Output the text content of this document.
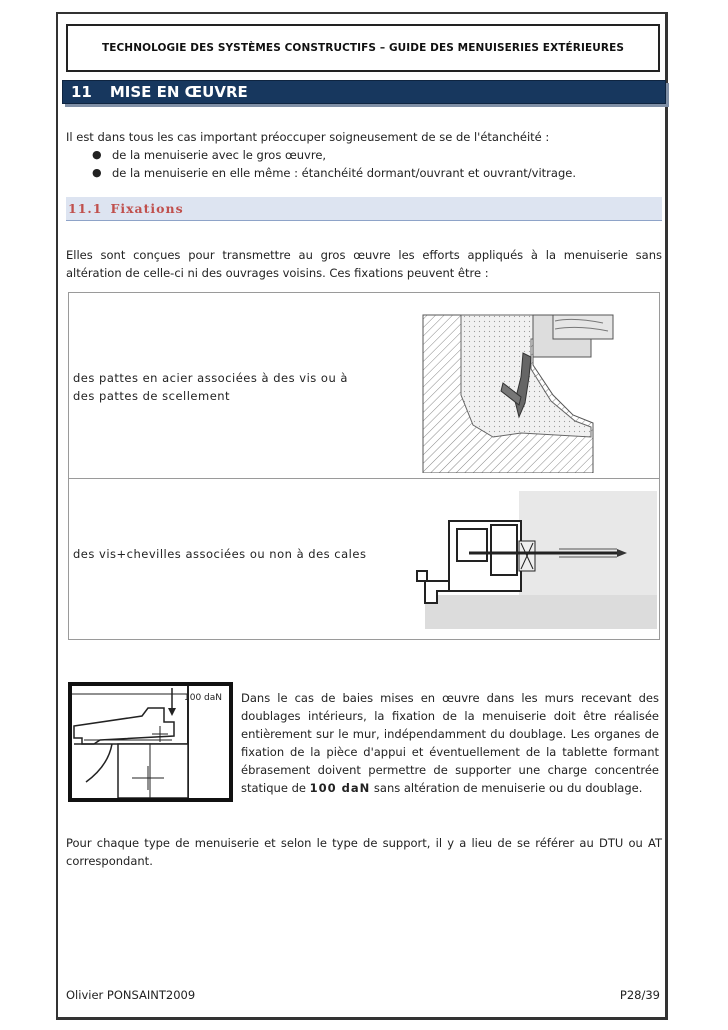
TECHNOLOGIE DES SYSTÈMES CONSTRUCTIFS – GUIDE DES MENUISERIES EXTÉRIEURES
11 MISE EN ŒUVRE

Il est dans tous les cas important préoccuper soigneusement de se de l'étanchéité :

● de la menuiserie avec le gros œuvre,
● de la menuiserie en elle même : étanchéité dormant/ouvrant et ouvrant/vitrage.
11.1 Fixations

Elles sont conçues pour transmettre au gros œuvre les efforts appliqués à la menuiserie sans altération de celle-ci ni des ouvrages voisins. Ces fixations peuvent être :

des pattes en acier associées à des vis ou à des pattes de scellement

des vis+chevilles associées ou non à des cales

100 daN Dans le cas de baies mises en œuvre dans les murs recevant des doublages intérieurs, la fixation de la menuiserie doit être réalisée entièrement sur le mur, indépendamment du doublage. Les organes de fixation de la pièce d'appui et éventuellement de la tablette formant ébrasement doivent permettre de supporter une charge concentrée statique de 100 daN sans altération de menuiserie ou du doublage.

Pour chaque type de menuiserie et selon le type de support, il y a lieu de se référer au DTU ou AT correspondant.

Olivier PONSAINT2009	P28/39
